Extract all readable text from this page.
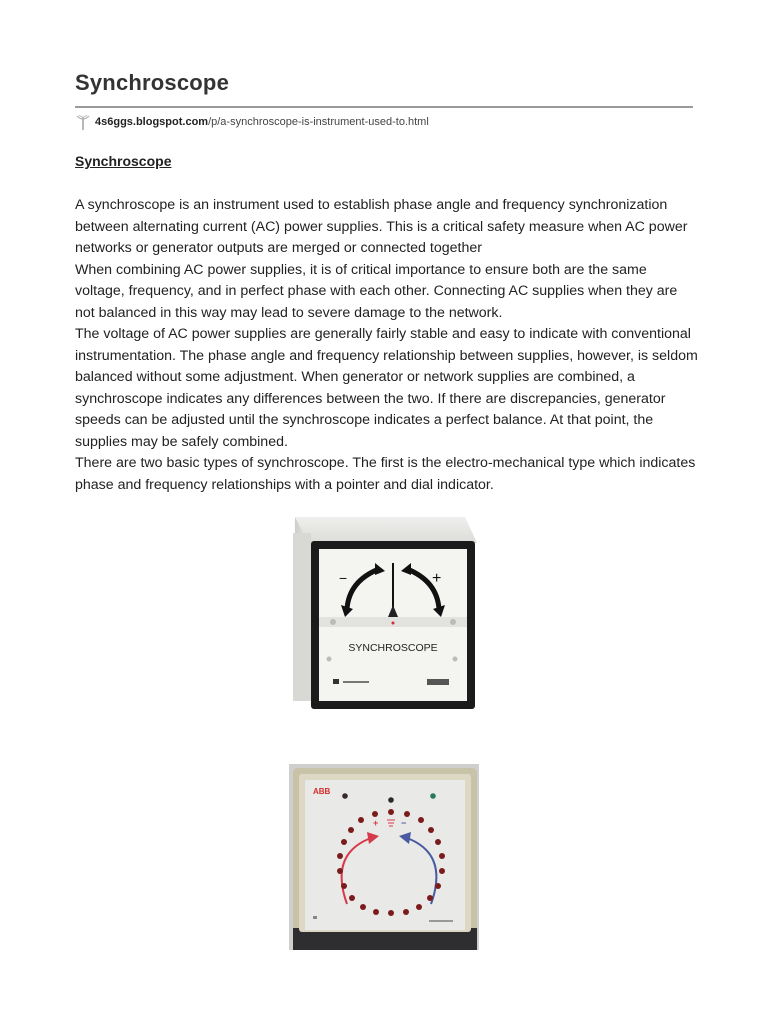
Synchroscope
4s6ggs.blogspot.com /p/a-synchroscope-is-instrument-used-to.html
Synchroscope

A synchroscope is an instrument used to establish phase angle and frequency synchronization between alternating current (AC) power supplies. This is a critical safety measure when AC power networks or generator outputs are merged or connected together

When combining AC power supplies, it is of critical importance to ensure both are the same voltage, frequency, and in perfect phase with each other. Connecting AC supplies when they are not balanced in this way may lead to severe damage to the network.

The voltage of AC power supplies are generally fairly stable and easy to indicate with conventional instrumentation. The phase angle and frequency relationship between supplies, however, is seldom balanced without some adjustment. When generator or network supplies are combined, a synchroscope indicates any differences between the two. If there are discrepancies, generator speeds can be adjusted until the synchroscope indicates a perfect balance. At that point, the supplies may be safely combined.

There are two basic types of synchroscope. The first is the electro-mechanical type which indicates phase and frequency relationships with a pointer and dial indicator.

−	+
SYNCHROSCOPE
ABB
+	−
